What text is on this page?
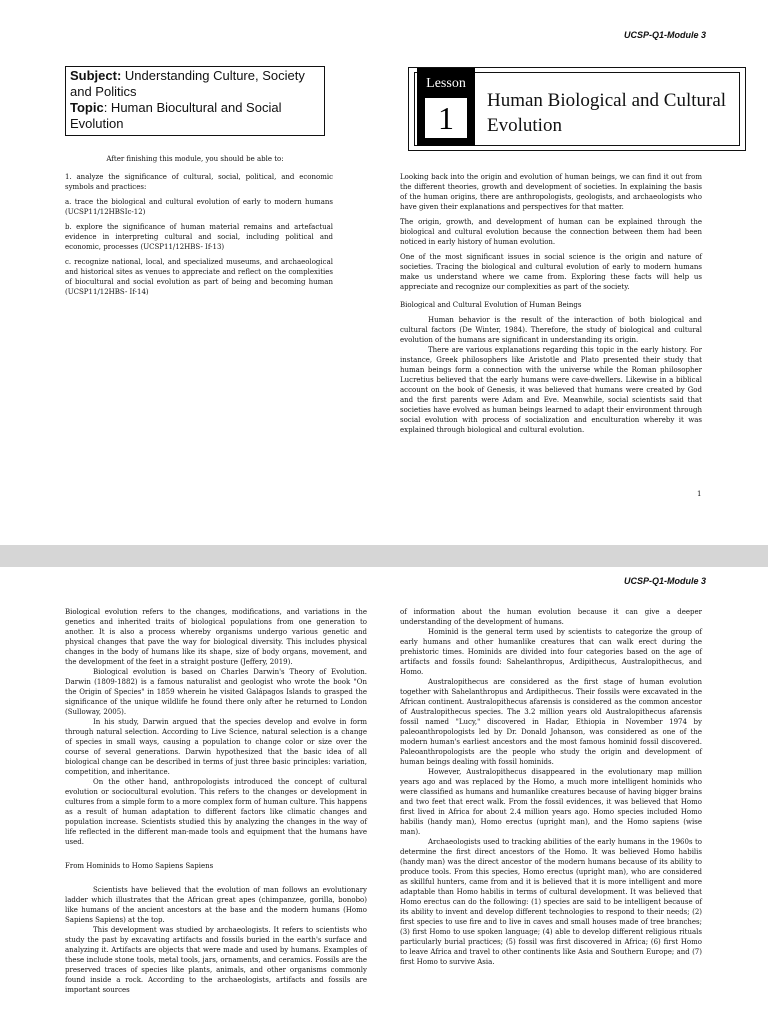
UCSP-Q1-Module 3
Subject: Understanding Culture, Society and Politics
Topic: Human Biocultural and Social Evolution
Lesson
1	Human Biological and Cultural Evolution
After finishing this module, you should be able to:

1. analyze the significance of cultural, social, political, and economic symbols and practices:

a. trace the biological and cultural evolution of early to modern humans (UCSP11/12HBSIc-12)

b. explore the significance of human material remains and artefactual evidence in interpreting cultural and social, including political and economic, processes (UCSP11/12HBS- If-13)

c. recognize national, local, and specialized museums, and archaeological and historical sites as venues to appreciate and reflect on the complexities of biocultural and social evolution as part of being and becoming human (UCSP11/12HBS- If-14)

Looking back into the origin and evolution of human beings, we can find it out from the different theories, growth and development of societies. In explaining the basis of the human origins, there are anthropologists, geologists, and archaeologists who have given their explanations and perspectives for that matter.

The origin, growth, and development of human can be explained through the biological and cultural evolution because the connection between them had been noticed in early history of human evolution.

One of the most significant issues in social science is the origin and nature of societies. Tracing the biological and cultural evolution of early to modern humans make us understand where we came from. Exploring these facts will help us appreciate and recognize our complexities as part of the society.

Biological and Cultural Evolution of Human Beings

Human behavior is the result of the interaction of both biological and cultural factors (De Winter, 1984). Therefore, the study of biological and cultural evolution of the humans are significant in understanding its origin.

There are various explanations regarding this topic in the early history. For instance, Greek philosophers like Aristotle and Plato presented their study that human beings form a connection with the universe while the Roman philosopher Lucretius believed that the early humans were cave-dwellers. Likewise in a biblical account on the book of Genesis, it was believed that humans were created by God and the first parents were Adam and Eve. Meanwhile, social scientists said that societies have evolved as human beings learned to adapt their environment through social evolution with process of socialization and enculturation whereby it was explained through biological and cultural evolution.

1
UCSP-Q1-Module 3

Biological evolution refers to the changes, modifications, and variations in the genetics and inherited traits of biological populations from one generation to another. It is also a process whereby organisms undergo various genetic and physical changes that pave the way for biological diversity. This includes physical changes in the body of humans like its shape, size of body organs, movement, and the development of the feet in a straight posture (Jeffery, 2019).

Biological evolution is based on Charles Darwin's Theory of Evolution. Darwin (1809-1882) is a famous naturalist and geologist who wrote the book "On the Origin of Species" in 1859 wherein he visited Galápagos Islands to grasped the significance of the unique wildlife he found there only after he returned to London (Sulloway, 2005).

In his study, Darwin argued that the species develop and evolve in form through natural selection. According to Live Science, natural selection is a change of species in small ways, causing a population to change color or size over the course of several generations. Darwin hypothesized that the basic idea of all biological change can be described in terms of just three basic principles: variation, competition, and inheritance.

On the other hand, anthropologists introduced the concept of cultural evolution or sociocultural evolution. This refers to the changes or development in cultures from a simple form to a more complex form of human culture. This happens as a result of human adaptation to different factors like climatic changes and population increase. Scientists studied this by analyzing the changes in the way of life reflected in the different man-made tools and equipment that the humans have used.

From Hominids to Homo Sapiens Sapiens

Scientists have believed that the evolution of man follows an evolutionary ladder which illustrates that the African great apes (chimpanzee, gorilla, bonobo) like humans of the ancient ancestors at the base and the modern humans (Homo Sapiens Sapiens) at the top.

This development was studied by archaeologists. It refers to scientists who study the past by excavating artifacts and fossils buried in the earth's surface and analyzing it. Artifacts are objects that were made and used by humans. Examples of these include stone tools, metal tools, jars, ornaments, and ceramics. Fossils are the preserved traces of species like plants, animals, and other organisms commonly found inside a rock. According to the archaeologists, artifacts and fossils are important sources

of information about the human evolution because it can give a deeper understanding of the development of humans.

Hominid is the general term used by scientists to categorize the group of early humans and other humanlike creatures that can walk erect during the prehistoric times. Hominids are divided into four categories based on the age of artifacts and fossils found: Sahelanthropus, Ardipithecus, Australopithecus, and Homo.

Australopithecus are considered as the first stage of human evolution together with Sahelanthropus and Ardipithecus. Their fossils were excavated in the African continent. Australopithecus afarensis is considered as the common ancestor of Australopithecus species. The 3.2 million years old Australopithecus afarensis fossil named "Lucy," discovered in Hadar, Ethiopia in November 1974 by paleoanthropologists led by Dr. Donald Johanson, was considered as one of the modern human's earliest ancestors and the most famous hominid fossil discovered. Paleoanthropologists are the people who study the origin and development of human beings dealing with fossil hominids.

However, Australopithecus disappeared in the evolutionary map million years ago and was replaced by the Homo, a much more intelligent hominids who were classified as humans and humanlike creatures because of having bigger brains and two feet that erect walk. From the fossil evidences, it was believed that Homo first lived in Africa for about 2.4 million years ago. Homo species included Homo habilis (handy man), Homo erectus (upright man), and the Homo sapiens (wise man).

Archaeologists used to tracking abilities of the early humans in the 1960s to determine the first direct ancestors of the Homo. It was believed Homo habilis (handy man) was the direct ancestor of the modern humans because of its ability to produce tools. From this species, Homo erectus (upright man), who are considered as skillful hunters, came from and it is believed that it is more intelligent and more adaptable than Homo habilis in terms of cultural development. It was believed that Homo erectus can do the following: (1) species are said to be intelligent because of its ability to invent and develop different technologies to respond to their needs; (2) first species to use fire and to live in caves and small houses made of tree branches; (3) first Homo to use spoken language; (4) able to develop different religious rituals particularly burial practices; (5) fossil was first discovered in Africa; (6) first Homo to leave Africa and travel to other continents like Asia and Southern Europe; and (7) first Homo to survive Asia.
